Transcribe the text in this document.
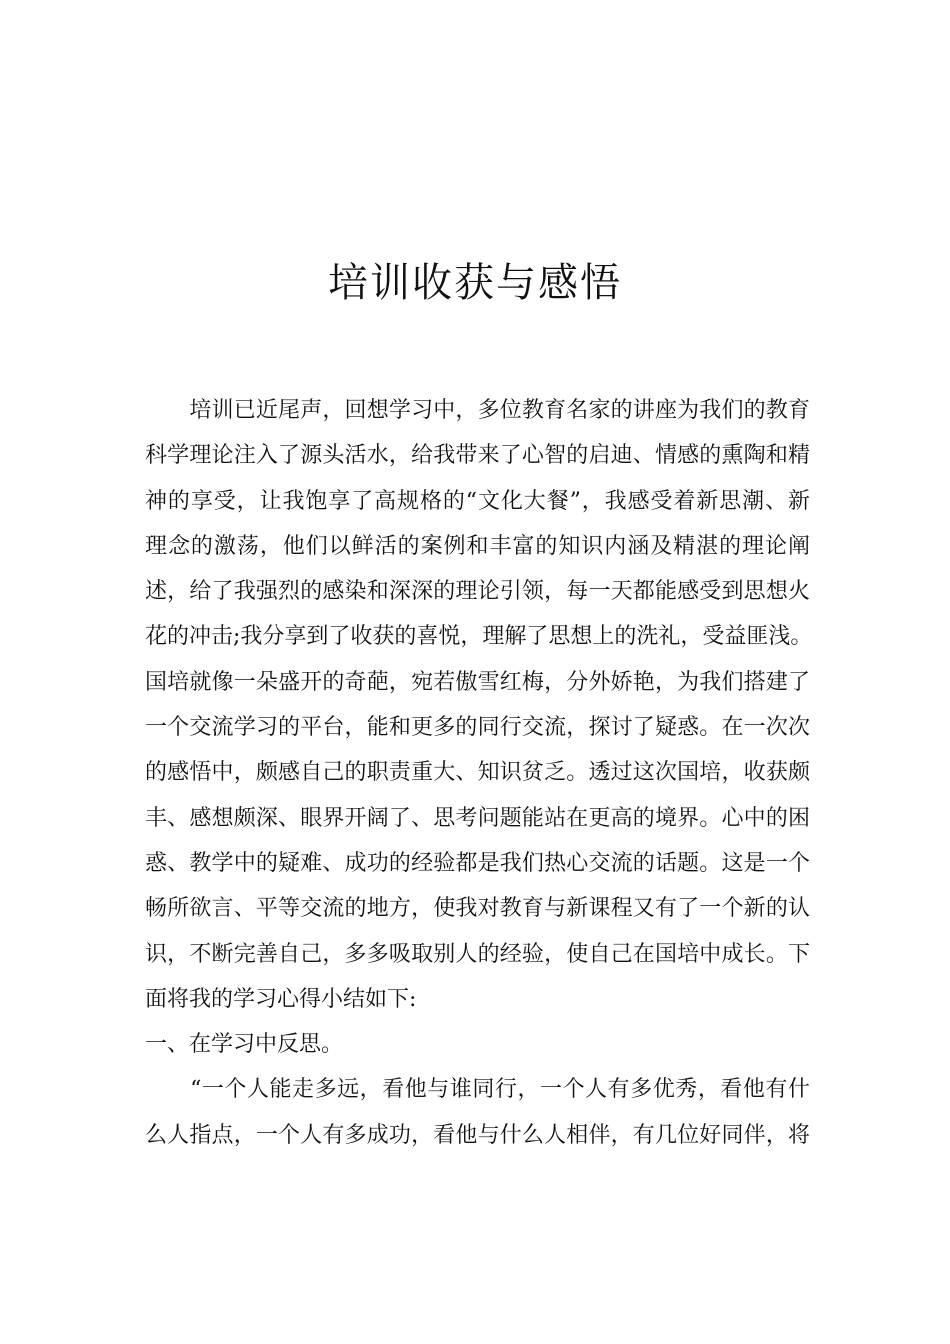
培训收获与感悟
　　培训已近尾声，回想学习中，多位教育名家的讲座为我们的教育
科学理论注入了源头活水，给我带来了心智的启迪、情感的熏陶和精
神的享受，让我饱享了高规格的“文化大餐”，我感受着新思潮、新
理念的激荡，他们以鲜活的案例和丰富的知识内涵及精湛的理论阐
述，给了我强烈的感染和深深的理论引领，每一天都能感受到思想火
花的冲击;我分享到了收获的喜悦，理解了思想上的洗礼，受益匪浅。
国培就像一朵盛开的奇葩，宛若傲雪红梅，分外娇艳，为我们搭建了
一个交流学习的平台，能和更多的同行交流，探讨了疑惑。在一次次
的感悟中，颇感自己的职责重大、知识贫乏。透过这次国培，收获颇
丰、感想颇深、眼界开阔了、思考问题能站在更高的境界。心中的困
惑、教学中的疑难、成功的经验都是我们热心交流的话题。这是一个
畅所欲言、平等交流的地方，使我对教育与新课程又有了一个新的认
识，不断完善自己，多多吸取别人的经验，使自己在国培中成长。下
面将我的学习心得小结如下:
一、在学习中反思。
　　“一个人能走多远，看他与谁同行，一个人有多优秀，看他有什
么人指点，一个人有多成功，看他与什么人相伴，有几位好同伴，将
